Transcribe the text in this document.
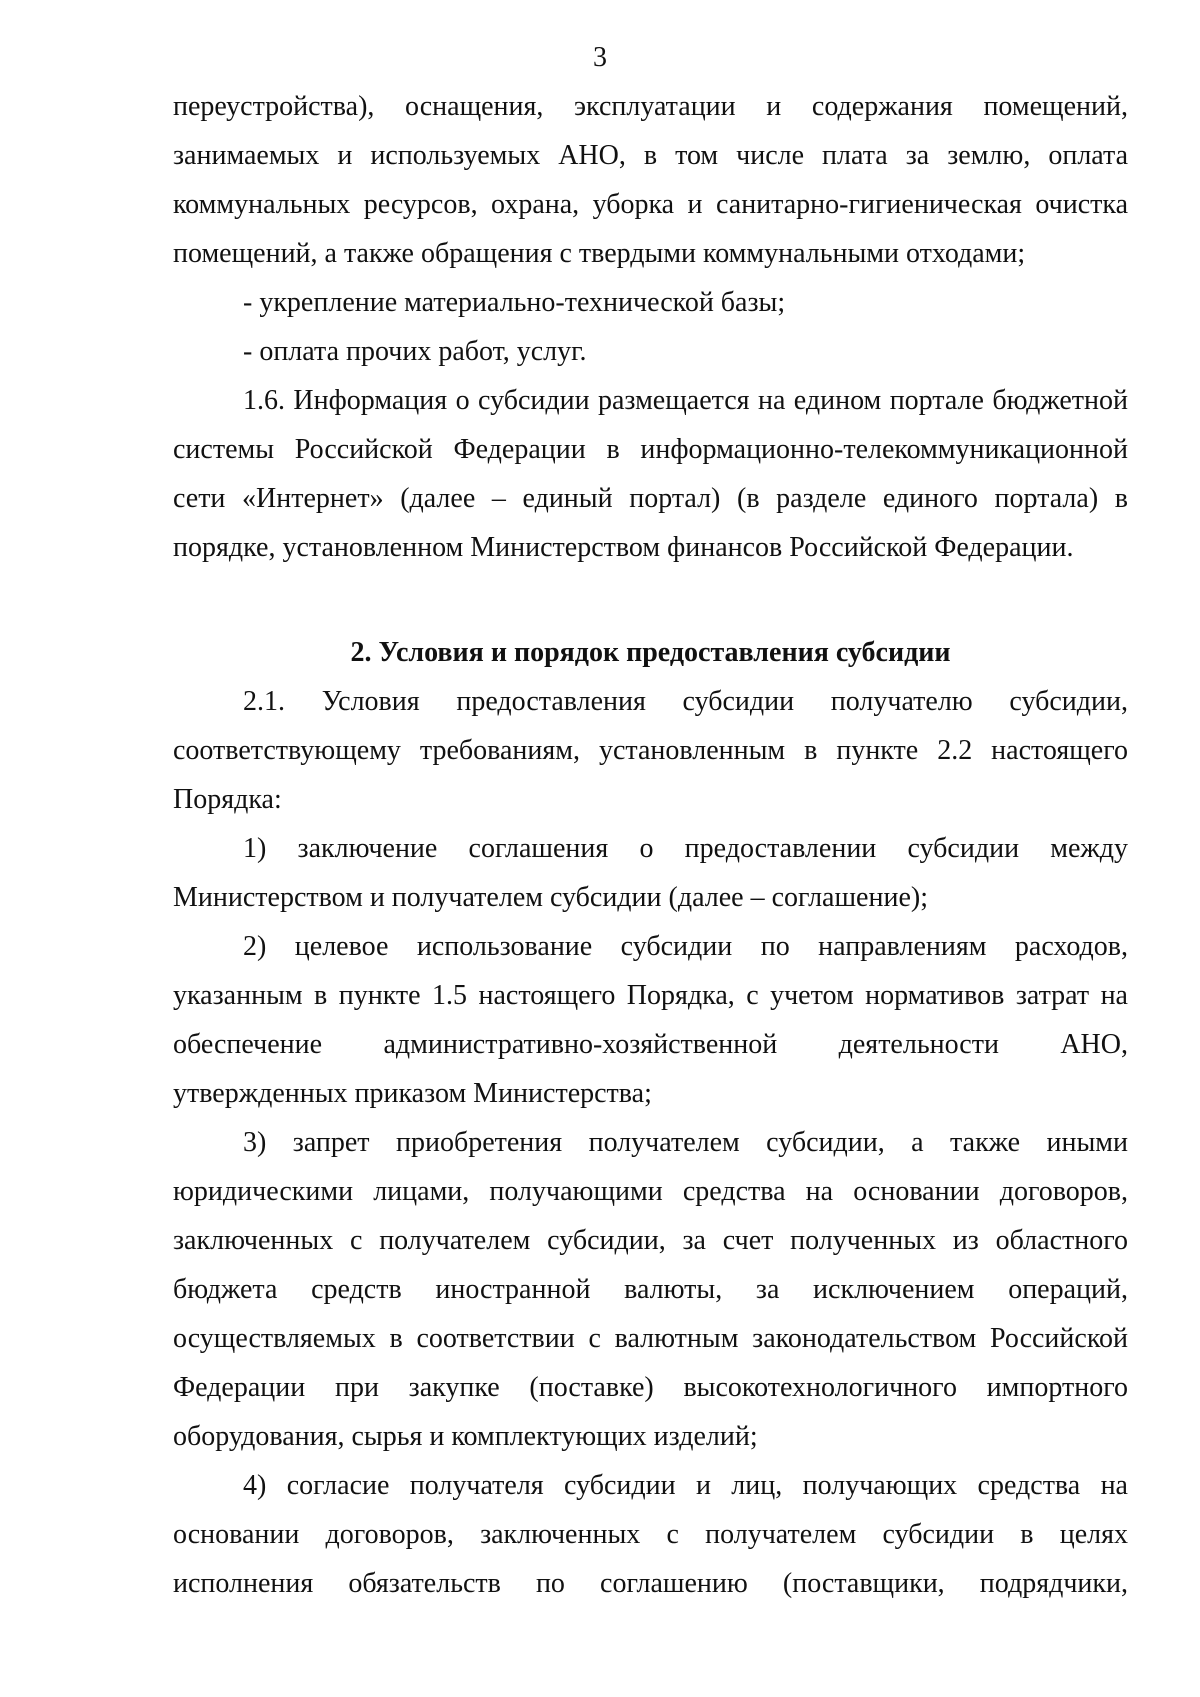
3

переустройства), оснащения, эксплуатации и содержания помещений, занимаемых и используемых АНО, в том числе плата за землю, оплата коммунальных ресурсов, охрана, уборка и санитарно-гигиеническая очистка помещений, а также обращения с твердыми коммунальными отходами;

- укрепление материально-технической базы;

- оплата прочих работ, услуг.

1.6. Информация о субсидии размещается на едином портале бюджетной системы Российской Федерации в информационно-телекоммуникационной сети «Интернет» (далее – единый портал) (в разделе единого портала) в порядке, установленном Министерством финансов Российской Федерации.

2. Условия и порядок предоставления субсидии

2.1. Условия предоставления субсидии получателю субсидии, соответствующему требованиям, установленным в пункте 2.2 настоящего Порядка:

1) заключение соглашения о предоставлении субсидии между Министерством и получателем субсидии (далее – соглашение);

2) целевое использование субсидии по направлениям расходов, указанным в пункте 1.5 настоящего Порядка, с учетом нормативов затрат на обеспечение административно-хозяйственной деятельности АНО, утвержденных приказом Министерства;

3) запрет приобретения получателем субсидии, а также иными юридическими лицами, получающими средства на основании договоров, заключенных с получателем субсидии, за счет полученных из областного бюджета средств иностранной валюты, за исключением операций, осуществляемых в соответствии с валютным законодательством Российской Федерации при закупке (поставке) высокотехнологичного импортного оборудования, сырья и комплектующих изделий;

4) согласие получателя субсидии и лиц, получающих средства на основании договоров, заключенных с получателем субсидии в целях исполнения обязательств по соглашению (поставщики, подрядчики,
